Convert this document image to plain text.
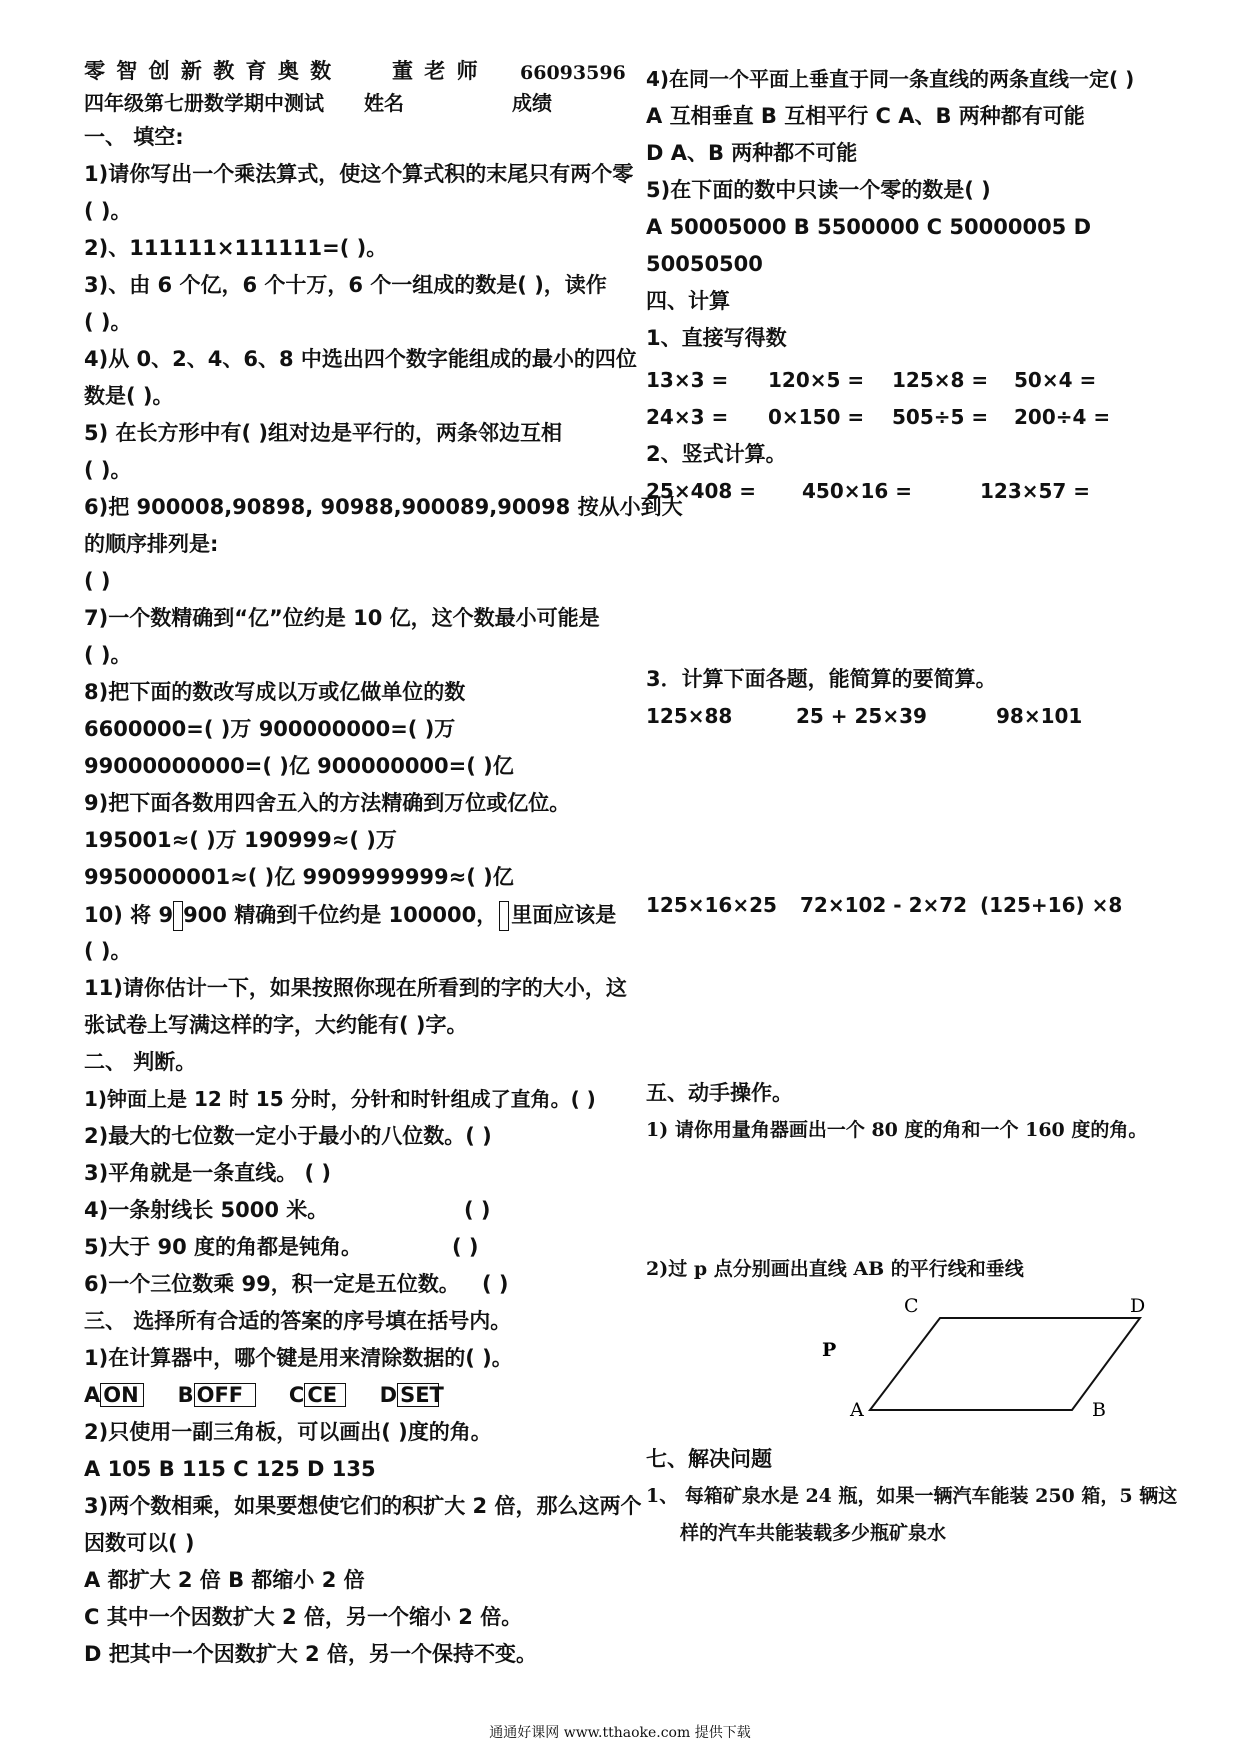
零 智 创 新 教 育 奥 数	董 老 师 66093596
四年级第七册数学期中测试 姓名	成绩
一、 填空:
1)请你写出一个乘法算式，使这个算式积的末尾只有两个零
( )。
2)、111111×111111=( )。
3)、由 6 个亿，6 个十万，6 个一组成的数是( )，读作
( )。
4)从 0、2、4、6、8 中选出四个数字能组成的最小的四位
数是( )。
5) 在长方形中有( )组对边是平行的，两条邻边互相
( )。
6)把 900008,90898, 90988,900089,90098 按从小到大
的顺序排列是:
( )
7)一个数精确到“亿”位约是 10 亿，这个数最小可能是
( )。
8)把下面的数改写成以万或亿做单位的数
6600000=( )万 900000000=( )万
99000000000=( )亿 900000000=( )亿
9)把下面各数用四舍五入的方法精确到万位或亿位。
195001≈( )万 190999≈( )万
9950000001≈( )亿 9909999999≈( )亿
10) 将 9 900 精确到千位约是 100000， 里面应该是
( )。
11)请你估计一下，如果按照你现在所看到的字的大小，这
张试卷上写满这样的字，大约能有( )字。
二、 判断。
1)钟面上是 12 时 15 分时，分针和时针组成了直角。( )
2)最大的七位数一定小于最小的八位数。( )
3)平角就是一条直线。 ( )
4)一条射线长 5000 米。	( )
5)大于 90 度的角都是钝角。	( )
6)一个三位数乘 99，积一定是五位数。 ( )
三、 选择所有合适的答案的序号填在括号内。
1)在计算器中，哪个键是用来清除数据的( )。
A ON B OFF C CE D SET
2)只使用一副三角板，可以画出( )度的角。
A 105 B 115 C 125 D 135
3)两个数相乘，如果要想使它们的积扩大 2 倍，那么这两个
因数可以( )
A 都扩大 2 倍 B 都缩小 2 倍
C 其中一个因数扩大 2 倍，另一个缩小 2 倍。
D 把其中一个因数扩大 2 倍，另一个保持不变。
4)在同一个平面上垂直于同一条直线的两条直线一定( )
A 互相垂直 B 互相平行 C A、B 两种都有可能
D A、B 两种都不可能
5)在下面的数中只读一个零的数是( )
A 50005000 B 5500000 C 50000005 D
50050500
四、计算
1、直接写得数
13×3 = 120×5 = 125×8 = 50×4 =
24×3 = 0×150 = 505÷5 = 200÷4 =
2、竖式计算。
25×408 = 450×16 =	123×57 =
3．计算下面各题，能简算的要简算。
125×88	25 + 25×39	98×101
125×16×25 72×102 - 2×72 (125+16) ×8
五、动手操作。
1) 请你用量角器画出一个 80 度的角和一个 160 度的角。
2)过 p 点分别画出直线 AB 的平行线和垂线
C	D
A	B
P
七、解决问题
1、 每箱矿泉水是 24 瓶，如果一辆汽车能装 250 箱，5 辆这
样的汽车共能装载多少瓶矿泉水
通通好课网 www.tthaoke.com 提供下载
